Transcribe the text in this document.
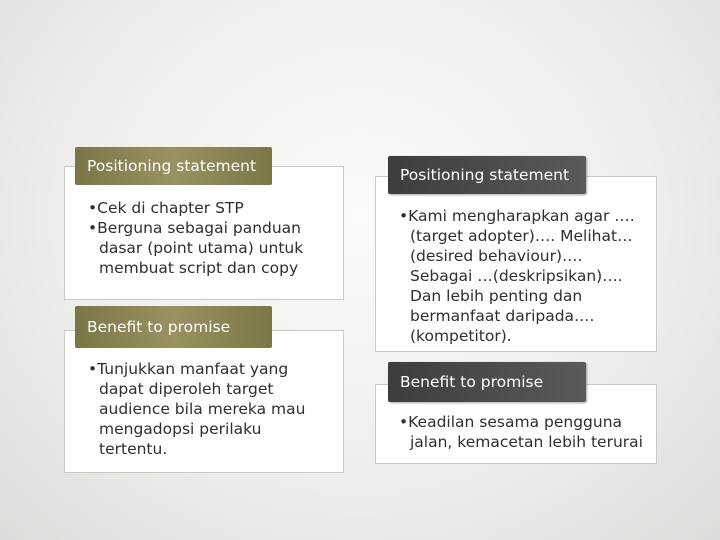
• Cek di chapter STP

• Berguna sebagai panduan dasar (point utama) untuk membuat script dan copy

Positioning statement

• Tunjukkan manfaat yang dapat diperoleh target audience bila mereka mau mengadopsi perilaku tertentu.

Benefit to promise

• Kami mengharapkan agar …. (target adopter)…. Melihat…(desired behaviour)…. Sebagai …(deskripsikan)…. Dan lebih penting dan bermanfaat daripada…. (kompetitor).

Positioning statement

• Keadilan sesama pengguna jalan, kemacetan lebih terurai

Benefit to promise
